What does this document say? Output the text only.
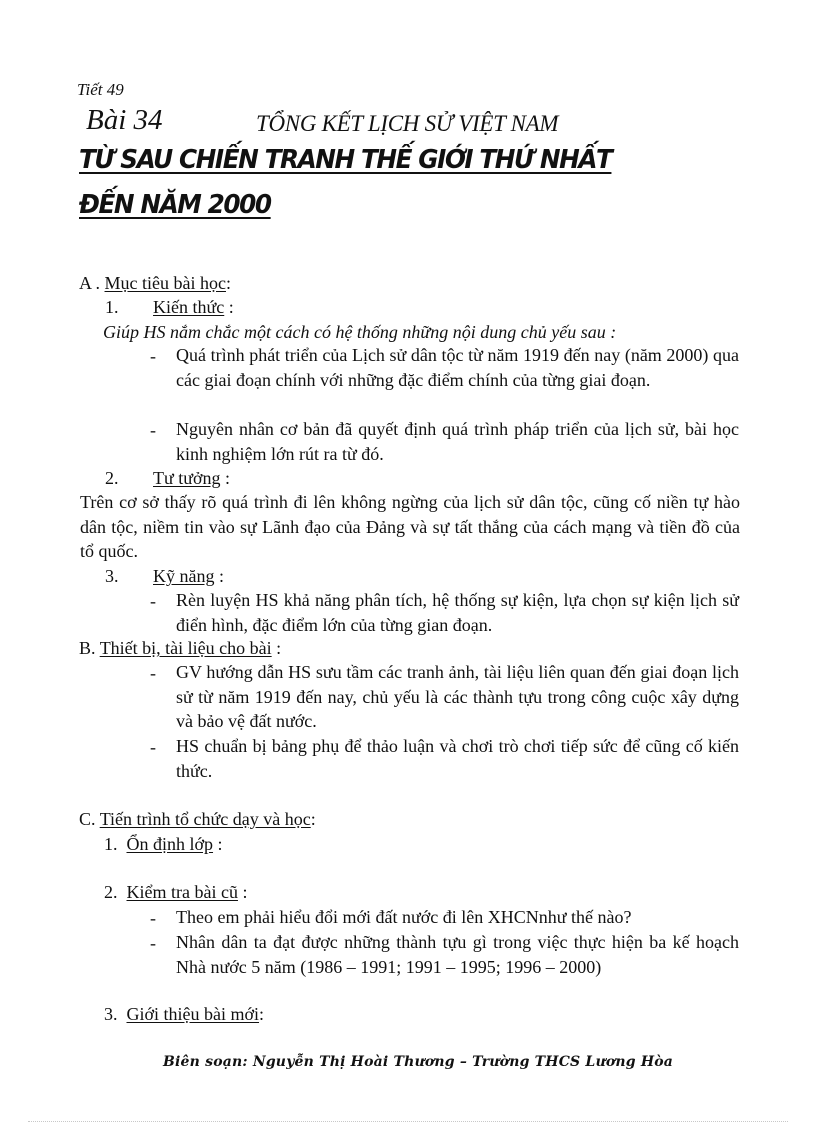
Tiết 49
Bài 34	TỔNG KẾT LỊCH SỬ VIỆT NAM
TỪ SAU CHIẾN TRANH THẾ GIỚI THỨ NHẤT
ĐẾN NĂM 2000
A . Mục tiêu bài học:
1. Kiến thức :
Giúp HS nắm chắc một cách có hệ thống những nội dung chủ yếu sau :
- Quá trình phát triển của Lịch sử dân tộc từ năm 1919 đến nay (năm 2000) qua các giai đoạn chính với những đặc điểm chính của từng giai đoạn.
- Nguyên nhân cơ bản đã quyết định quá trình pháp triển của lịch sử, bài học kinh nghiệm lớn rút ra từ đó.
2. Tư tưởng :
Trên cơ sở thấy rõ quá trình đi lên không ngừng của lịch sử dân tộc, cũng cố niền tự hào dân tộc, niềm tin vào sự Lãnh đạo của Đảng và sự tất thắng của cách mạng và tiền đồ của tổ quốc.
3. Kỹ năng :
- Rèn luyện HS khả năng phân tích, hệ thống sự kiện, lựa chọn sự kiện lịch sử điển hình, đặc điểm lớn của từng gian đoạn.
B. Thiết bị, tài liệu cho bài :
- GV hướng dẫn HS sưu tầm các tranh ảnh, tài liệu liên quan đến giai đoạn lịch sử từ năm 1919 đến nay, chủ yếu là các thành tựu trong công cuộc xây dựng và bảo vệ đất nước.
- HS chuẩn bị bảng phụ để thảo luận và chơi trò chơi tiếp sức để cũng cố kiến thức.
C. Tiến trình tổ chức dạy và học:
1. Ổn định lớp :
2. Kiểm tra bài cũ :
- Theo em phải hiểu đổi mới đất nước đi lên XHCNnhư thế nào?
- Nhân dân ta đạt được những thành tựu gì trong việc thực hiện ba kế hoạch Nhà nước 5 năm (1986 – 1991; 1991 – 1995; 1996 – 2000)
3. Giới thiệu bài mới:
Biên soạn: Nguyễn Thị Hoài Thương – Trường THCS Lương Hòa
